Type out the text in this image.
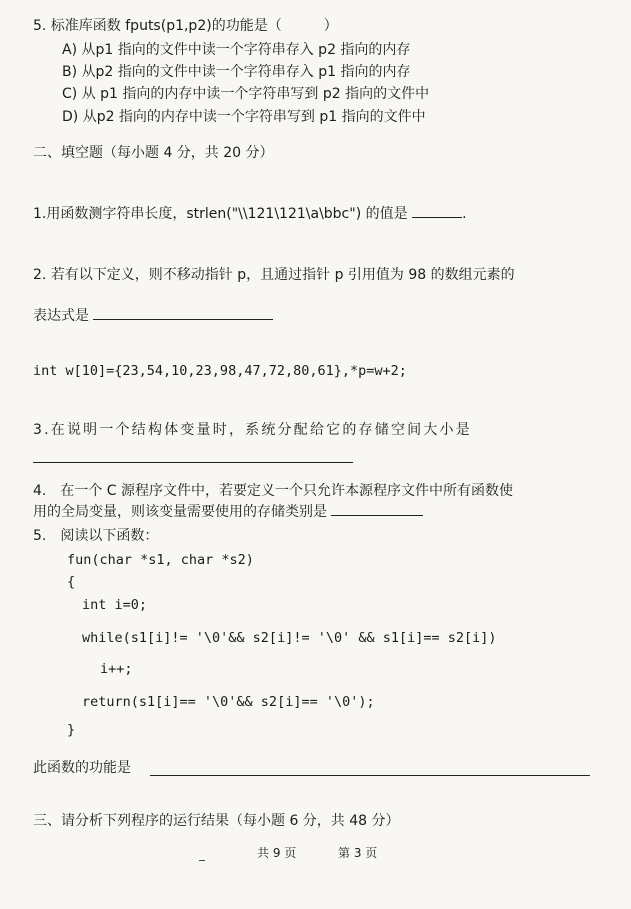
5. 标准库函数 fputs(p1,p2)的功能是（　　　）
A) 从p1 指向的文件中读一个字符串存入 p2 指向的内存
B) 从p2 指向的文件中读一个字符串存入 p1 指向的内存
C) 从 p1 指向的内存中读一个字符串写到 p2 指向的文件中
D) 从p2 指向的内存中读一个字符串写到 p1 指向的文件中
二、填空题（每小题 4 分，共 20 分）
1.用函数测字符串长度，strlen("\\121\121\a\bbc") 的值是	.
2. 若有以下定义，则不移动指针 p，且通过指针 p 引用值为 98 的数组元素的
表达式是
int w[10]={23,54,10,23,98,47,72,80,61},*p=w+2;
3.在说明一个结构体变量时，系统分配给它的存储空间大小是
4.　在一个 C 源程序文件中，若要定义一个只允许本源程序文件中所有函数使
用的全局变量，则该变量需要使用的存储类别是
5.　阅读以下函数：
fun(char *s1, char *s2)
{
int i=0;
while(s1[i]!= '\0'&& s2[i]!= '\0' && s1[i]== s2[i])
i++;
return(s1[i]== '\0'&& s2[i]== '\0');
}
此函数的功能是
三、请分析下列程序的运行结果（每小题 6 分，共 48 分）
共 9 页	第 3 页
